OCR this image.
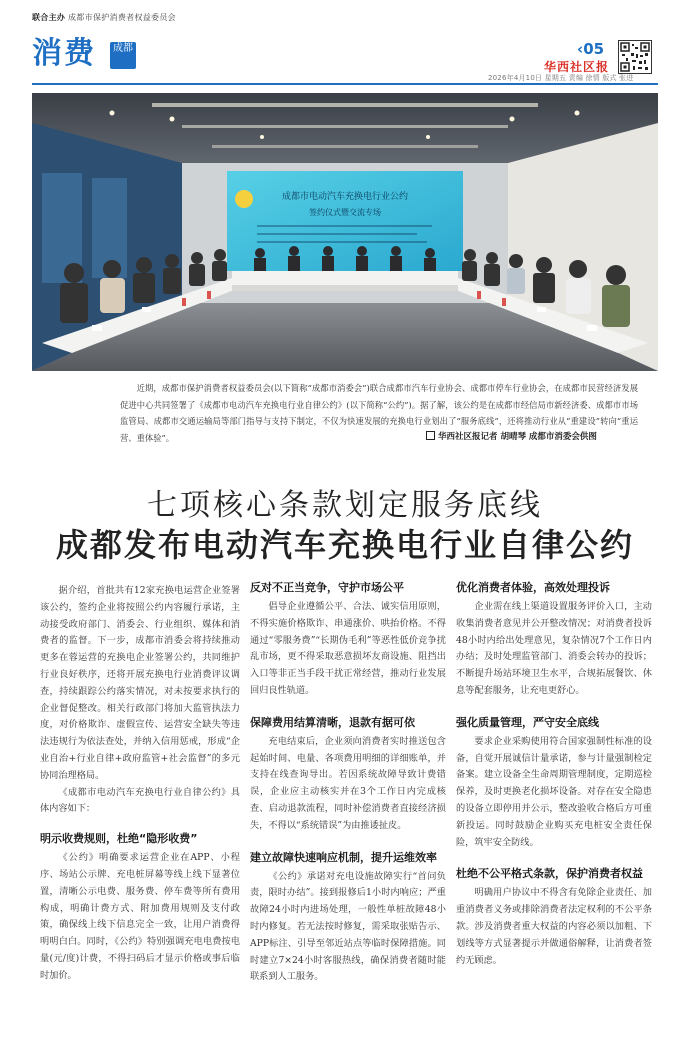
联合主办 成都市保护消费者权益委员会
消费	成都	‹05
华西社区报
2026年4月10日 星期五 责编 徐情 版式 张进
成都市电动汽车充换电行业公约
签约仪式暨交流专场
近期，成都市保护消费者权益委员会(以下简称“成都市消委会”)联合成都市汽车行业协会、成都市停车行业协会，在成都市民营经济发展促进中心共同签署了《成都市电动汽车充换电行业自律公约》(以下简称“公约”)。据了解，该公约是在成都市经信局市新经济委、成都市市场监管局、成都市交通运输局等部门指导与支持下制定，不仅为快速发展的充换电行业划出了“服务底线”，还将推动行业从“重建设”转向“重运营、重体验”。	华西社区报记者 胡晴琴 成都市消委会供图
七项核心条款划定服务底线
成都发布电动汽车充换电行业自律公约

据介绍，首批共有12家充换电运营企业签署该公约，签约企业将按照公约内容履行承诺，主动接受政府部门、消委会、行业组织、媒体和消费者的监督。下一步，成都市消委会将持续推动更多在蓉运营的充换电企业签署公约，共同维护行业良好秩序，还将开展充换电行业消费评议调查，持续跟踪公约落实情况，对未按要求执行的企业督促整改。相关行政部门将加大监管执法力度，对价格欺诈、虚假宣传、运营安全缺失等违法违规行为依法查处，并纳入信用惩戒，形成“企业自治+行业自律+政府监管+社会监督”的多元协同治理格局。

《成都市电动汽车充换电行业自律公约》具体内容如下：

明示收费规则，杜绝“隐形收费”

《公约》明确要求运营企业在APP、小程序、场站公示牌、充电桩屏幕等线上线下显著位置，清晰公示电费、服务费、停车费等所有费用构成，明确计费方式、附加费用规则及支付政策，确保线上线下信息完全一致，让用户消费得明明白白。同时，《公约》特别强调充电电费按电量(元/度)计费，不得扫码后才显示价格或事后临时加价。

反对不正当竞争，守护市场公平

倡导企业遵循公平、合法、诚实信用原则，不得实施价格欺诈、串通涨价、哄抬价格。不得通过“零服务费”“长期伪毛利”等恶性低价竞争扰乱市场，更不得采取恶意损坏友商设施、阻挡出入口等非正当手段干扰正常经营，推动行业发展回归良性轨道。

保障费用结算清晰，退款有据可依

充电结束后，企业须向消费者实时推送包含起始时间、电量、各项费用明细的详细账单，并支持在线查询导出。若因系统故障导致计费错误，企业应主动核实并在3个工作日内完成核查、启动退款流程，同时补偿消费者直接经济损失，不得以“系统错误”为由推诿扯皮。

建立故障快速响应机制，提升运维效率

《公约》承诺对充电设施故障实行“首问负责，限时办结”。接到报修后1小时内响应；严重故障24小时内进场处理，一般性单桩故障48小时内修复。若无法按时修复，需采取张贴告示、APP标注、引导至邻近站点等临时保障措施。同时建立7×24小时客服热线，确保消费者随时能联系到人工服务。

优化消费者体验，高效处理投诉

企业需在线上渠道设置服务评价入口，主动收集消费者意见并公开整改情况；对消费者投诉48小时内给出处理意见，复杂情况7个工作日内办结；及时处理监管部门、消委会转办的投诉；不断提升场站环境卫生水平，合规拓展餐饮、休息等配套服务，让充电更舒心。

强化质量管理，严守安全底线

要求企业采购使用符合国家强制性标准的设备，自觉开展诚信计量承诺，参与计量强制检定备案。建立设备全生命周期管理制度，定期巡检保养，及时更换老化损坏设备。对存在安全隐患的设备立即停用并公示，整改验收合格后方可重新投运。同时鼓励企业购买充电桩安全责任保险，筑牢安全防线。

杜绝不公平格式条款，保护消费者权益

明确用户协议中不得含有免除企业责任、加重消费者义务或排除消费者法定权利的不公平条款。涉及消费者重大权益的内容必须以加粗、下划线等方式显著提示并做通俗解释，让消费者签约无顾虑。
